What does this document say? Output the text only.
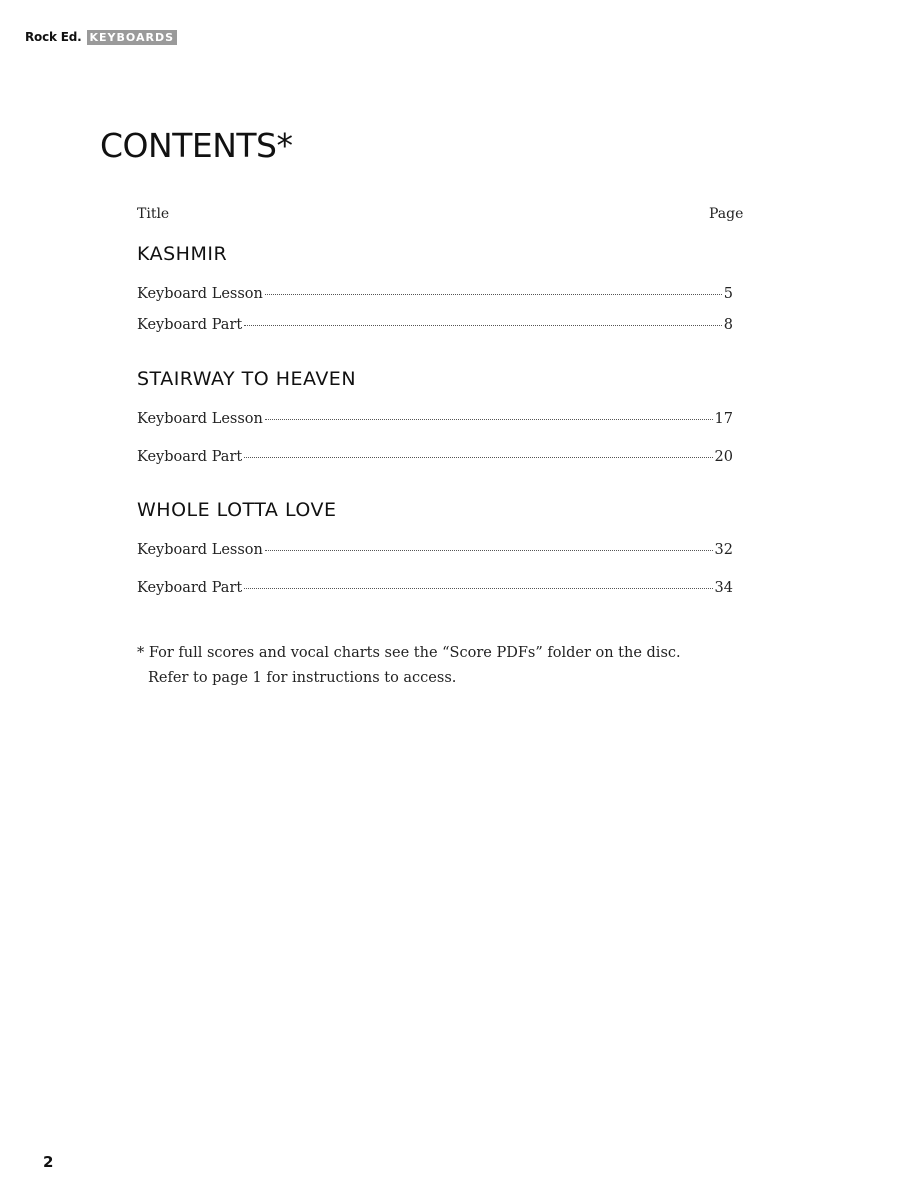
Rock Ed. KEYBOARDS
CONTENTS*
Title	Page
KASHMIR
Keyboard Lesson	5
Keyboard Part	8
STAIRWAY TO HEAVEN
Keyboard Lesson	17
Keyboard Part	20
WHOLE LOTTA LOVE
Keyboard Lesson	32
Keyboard Part	34
* For full scores and vocal charts see the “Score PDFs” folder on the disc.
Refer to page 1 for instructions to access.
2
